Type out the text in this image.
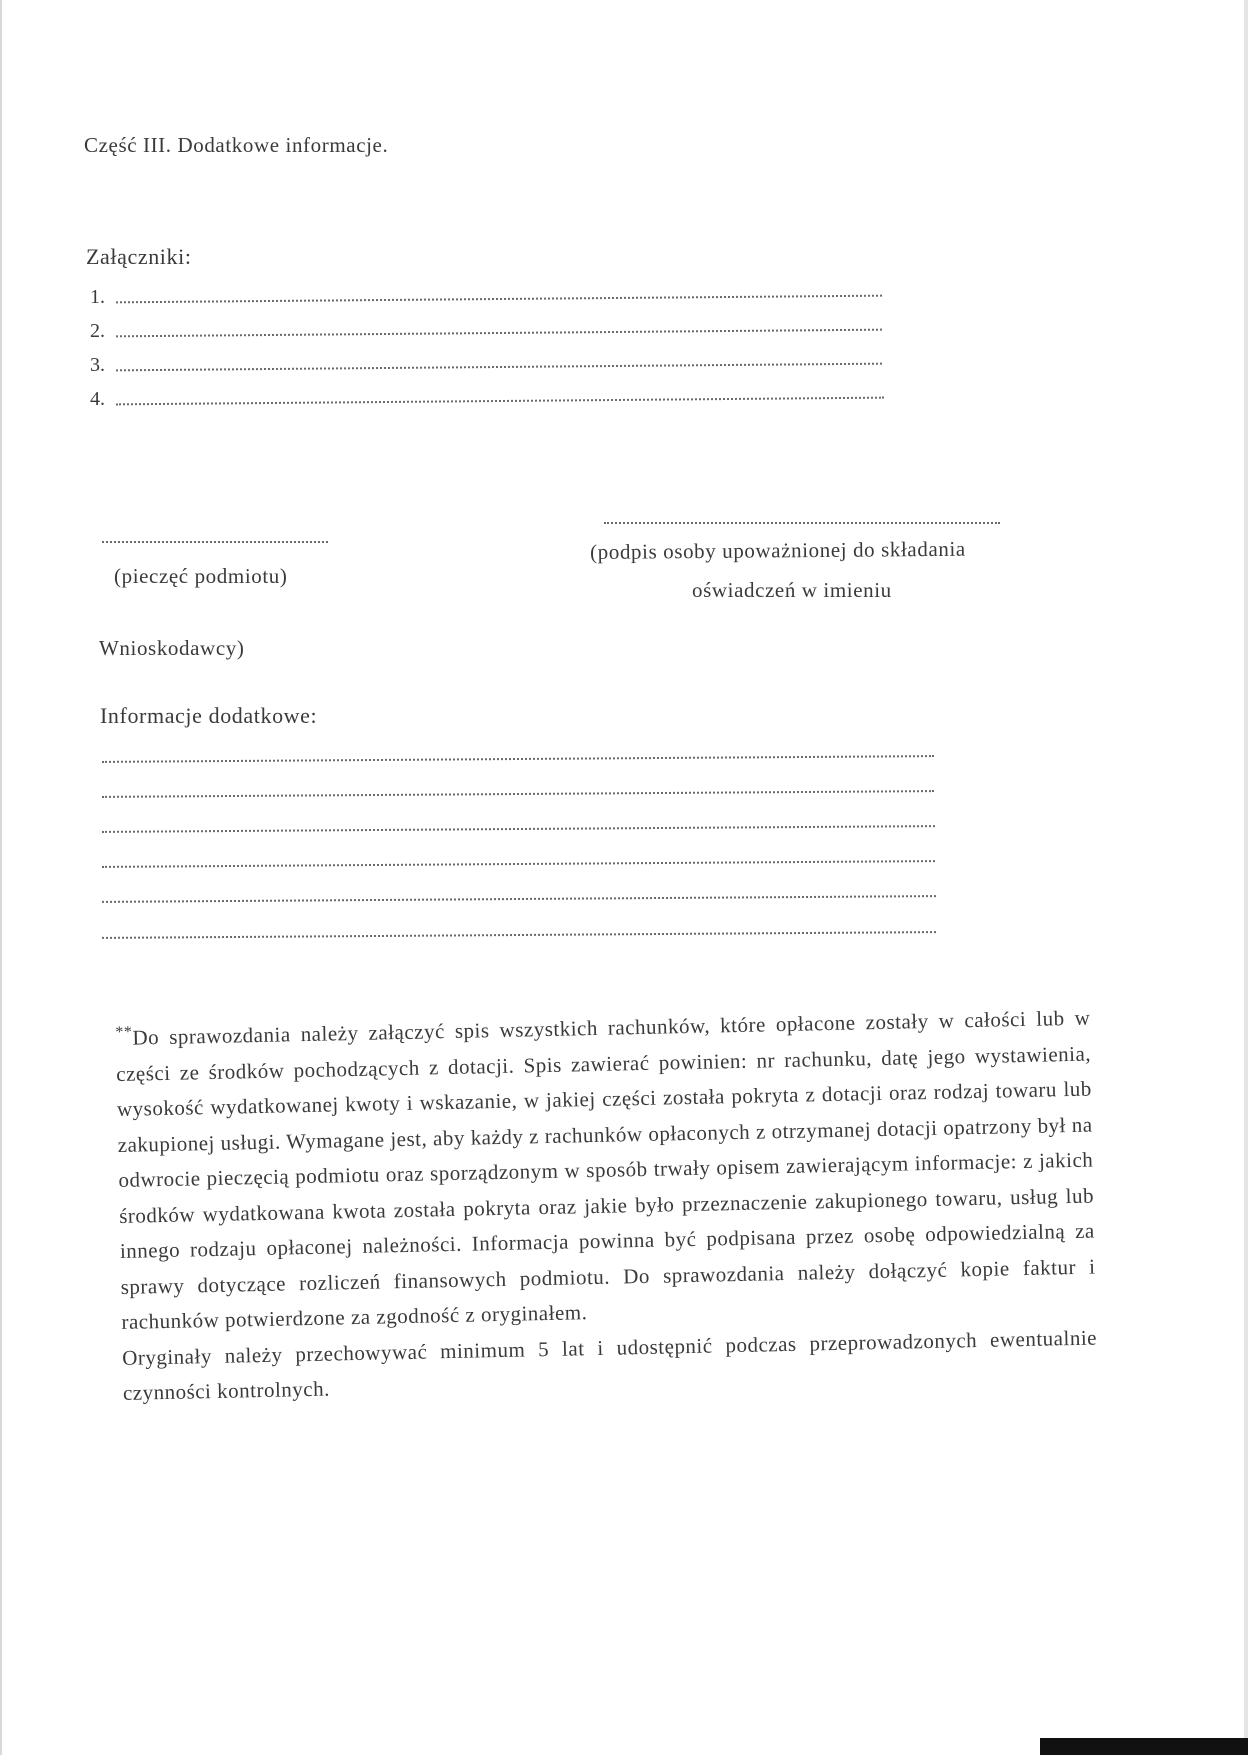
Część III. Dodatkowe informacje.
Załączniki:
1.
2.
3.
4.
(pieczęć podmiotu)
(podpis osoby upoważnionej do składania
oświadczeń w imieniu
Wnioskodawcy)
Informacje dodatkowe:
**Do sprawozdania należy załączyć spis wszystkich rachunków, które opłacone zostały w całości lub w części ze środków pochodzących z dotacji. Spis zawierać powinien: nr rachunku, datę jego wystawienia, wysokość wydatkowanej kwoty i wskazanie, w jakiej części została pokryta z dotacji oraz rodzaj towaru lub zakupionej usługi. Wymagane jest, aby każdy z rachunków opłaconych z otrzymanej dotacji opatrzony był na odwrocie pieczęcią podmiotu oraz sporządzonym w sposób trwały opisem zawierającym informacje: z jakich środków wydatkowana kwota została pokryta oraz jakie było przeznaczenie zakupionego towaru, usług lub innego rodzaju opłaconej należności. Informacja powinna być podpisana przez osobę odpowiedzialną za sprawy dotyczące rozliczeń finansowych podmiotu. Do sprawozdania należy dołączyć kopie faktur i rachunków potwierdzone za zgodność z oryginałem.
Oryginały należy przechowywać minimum 5 lat i udostępnić podczas przeprowadzonych ewentualnie czynności kontrolnych.
